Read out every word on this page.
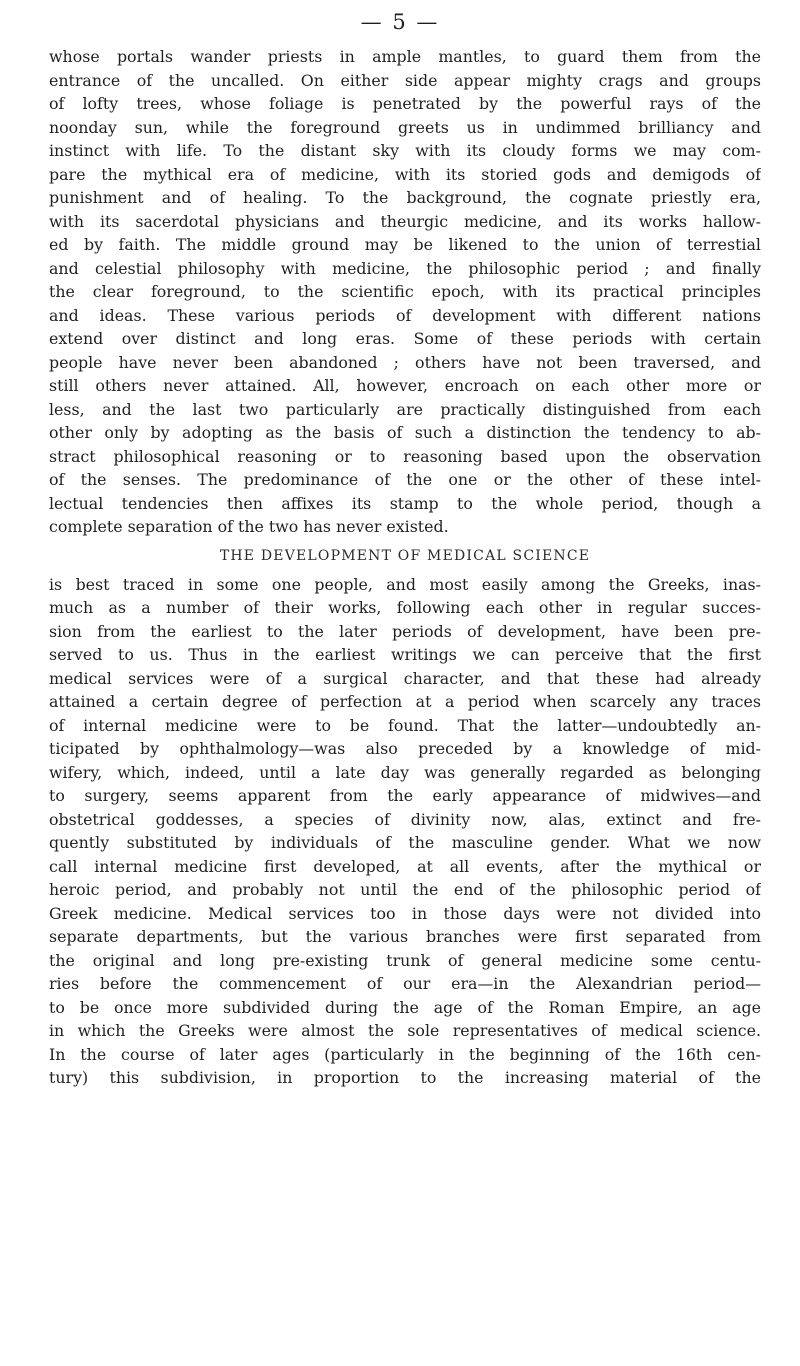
— 5 —
whose portals wander priests in ample mantles, to guard them from the
entrance of the uncalled. On either side appear mighty crags and groups
of lofty trees, whose foliage is penetrated by the powerful rays of the
noonday sun, while the foreground greets us in undimmed brilliancy and
instinct with life. To the distant sky with its cloudy forms we may com-
pare the mythical era of medicine, with its storied gods and demigods of
punishment and of healing. To the background, the cognate priestly era,
with its sacerdotal physicians and theurgic medicine, and its works hallow-
ed by faith. The middle ground may be likened to the union of terrestial
and celestial philosophy with medicine, the philosophic period ; and finally
the clear foreground, to the scientific epoch, with its practical principles
and ideas. These various periods of development with different nations
extend over distinct and long eras. Some of these periods with certain
people have never been abandoned ; others have not been traversed, and
still others never attained. All, however, encroach on each other more or
less, and the last two particularly are practically distinguished from each
other only by adopting as the basis of such a distinction the tendency to ab-
stract philosophical reasoning or to reasoning based upon the observation
of the senses. The predominance of the one or the other of these intel-
lectual tendencies then affixes its stamp to the whole period, though a
complete separation of the two has never existed.
THE DEVELOPMENT OF MEDICAL SCIENCE
is best traced in some one people, and most easily among the Greeks, inas-
much as a number of their works, following each other in regular succes-
sion from the earliest to the later periods of development, have been pre-
served to us. Thus in the earliest writings we can perceive that the first
medical services were of a surgical character, and that these had already
attained a certain degree of perfection at a period when scarcely any traces
of internal medicine were to be found. That the latter—undoubtedly an-
ticipated by ophthalmology—was also preceded by a knowledge of mid-
wifery, which, indeed, until a late day was generally regarded as belonging
to surgery, seems apparent from the early appearance of midwives—and
obstetrical goddesses, a species of divinity now, alas, extinct and fre-
quently substituted by individuals of the masculine gender. What we now
call internal medicine first developed, at all events, after the mythical or
heroic period, and probably not until the end of the philosophic period of
Greek medicine. Medical services too in those days were not divided into
separate departments, but the various branches were first separated from
the original and long pre-existing trunk of general medicine some centu-
ries before the commencement of our era—in the Alexandrian period—
to be once more subdivided during the age of the Roman Empire, an age
in which the Greeks were almost the sole representatives of medical science.
In the course of later ages (particularly in the beginning of the 16th cen-
tury) this subdivision, in proportion to the increasing material of the
